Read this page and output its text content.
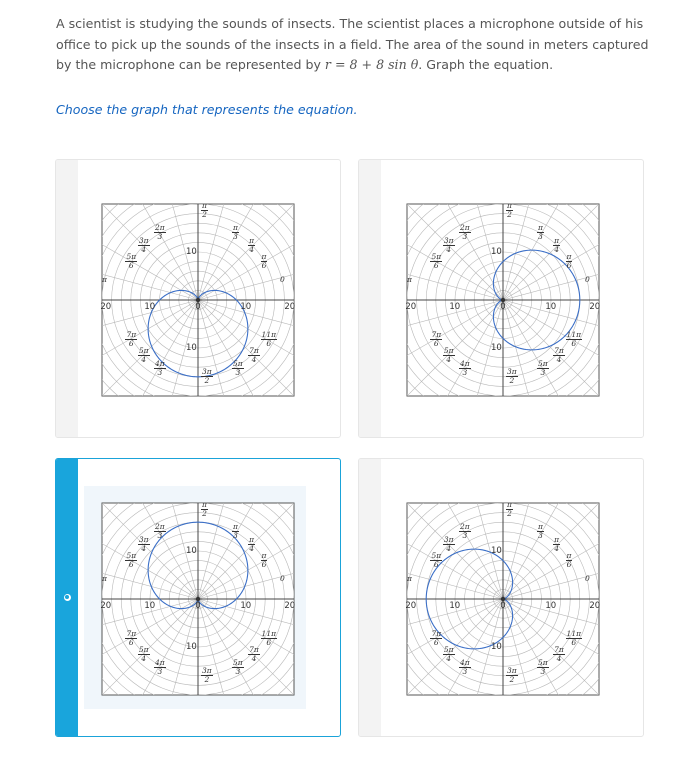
A scientist is studying the sounds of insects. The scientist places a microphone outside of his office to pick up the sounds of the insects in a field. The area of the sound in meters captured by the microphone can be represented by r = 8 + 8 sin θ. Graph the equation.
Choose the graph that represents the equation.
20	10	0	10	20
10
10
$\frac{\pi}{2}$
$\frac{\pi}{3}$
$\frac{\pi}{4}$
$\frac{\pi}{6}$
0
$\frac{11\pi}{6}$
$\frac{7\pi}{4}$
$\frac{5\pi}{3}$
$\frac{3\pi}{2}$
$\frac{4\pi}{3}$
$\frac{5\pi}{4}$
$\frac{7\pi}{6}$
π
$\frac{5\pi}{6}$
$\frac{3\pi}{4}$
$\frac{2\pi}{3}$
20	10	0	10	20
10
10
$\frac{\pi}{2}$
$\frac{\pi}{3}$
$\frac{\pi}{4}$
$\frac{\pi}{6}$
0
$\frac{11\pi}{6}$
$\frac{7\pi}{4}$
$\frac{5\pi}{3}$
$\frac{3\pi}{2}$
$\frac{4\pi}{3}$
$\frac{5\pi}{4}$
$\frac{7\pi}{6}$
π
$\frac{5\pi}{6}$
$\frac{3\pi}{4}$
$\frac{2\pi}{3}$
20	10	0	10	20
10
10
$\frac{\pi}{2}$
$\frac{\pi}{3}$
$\frac{\pi}{4}$
$\frac{\pi}{6}$
0
$\frac{11\pi}{6}$
$\frac{7\pi}{4}$
$\frac{5\pi}{3}$
$\frac{3\pi}{2}$
$\frac{4\pi}{3}$
$\frac{5\pi}{4}$
$\frac{7\pi}{6}$
π
$\frac{5\pi}{6}$
$\frac{3\pi}{4}$
$\frac{2\pi}{3}$
20	10	0	10	20
10
10
$\frac{\pi}{2}$
$\frac{\pi}{3}$
$\frac{\pi}{4}$
$\frac{\pi}{6}$
0
$\frac{11\pi}{6}$
$\frac{7\pi}{4}$
$\frac{5\pi}{3}$
$\frac{3\pi}{2}$
$\frac{4\pi}{3}$
$\frac{5\pi}{4}$
$\frac{7\pi}{6}$
π
$\frac{5\pi}{6}$
$\frac{3\pi}{4}$
$\frac{2\pi}{3}$
